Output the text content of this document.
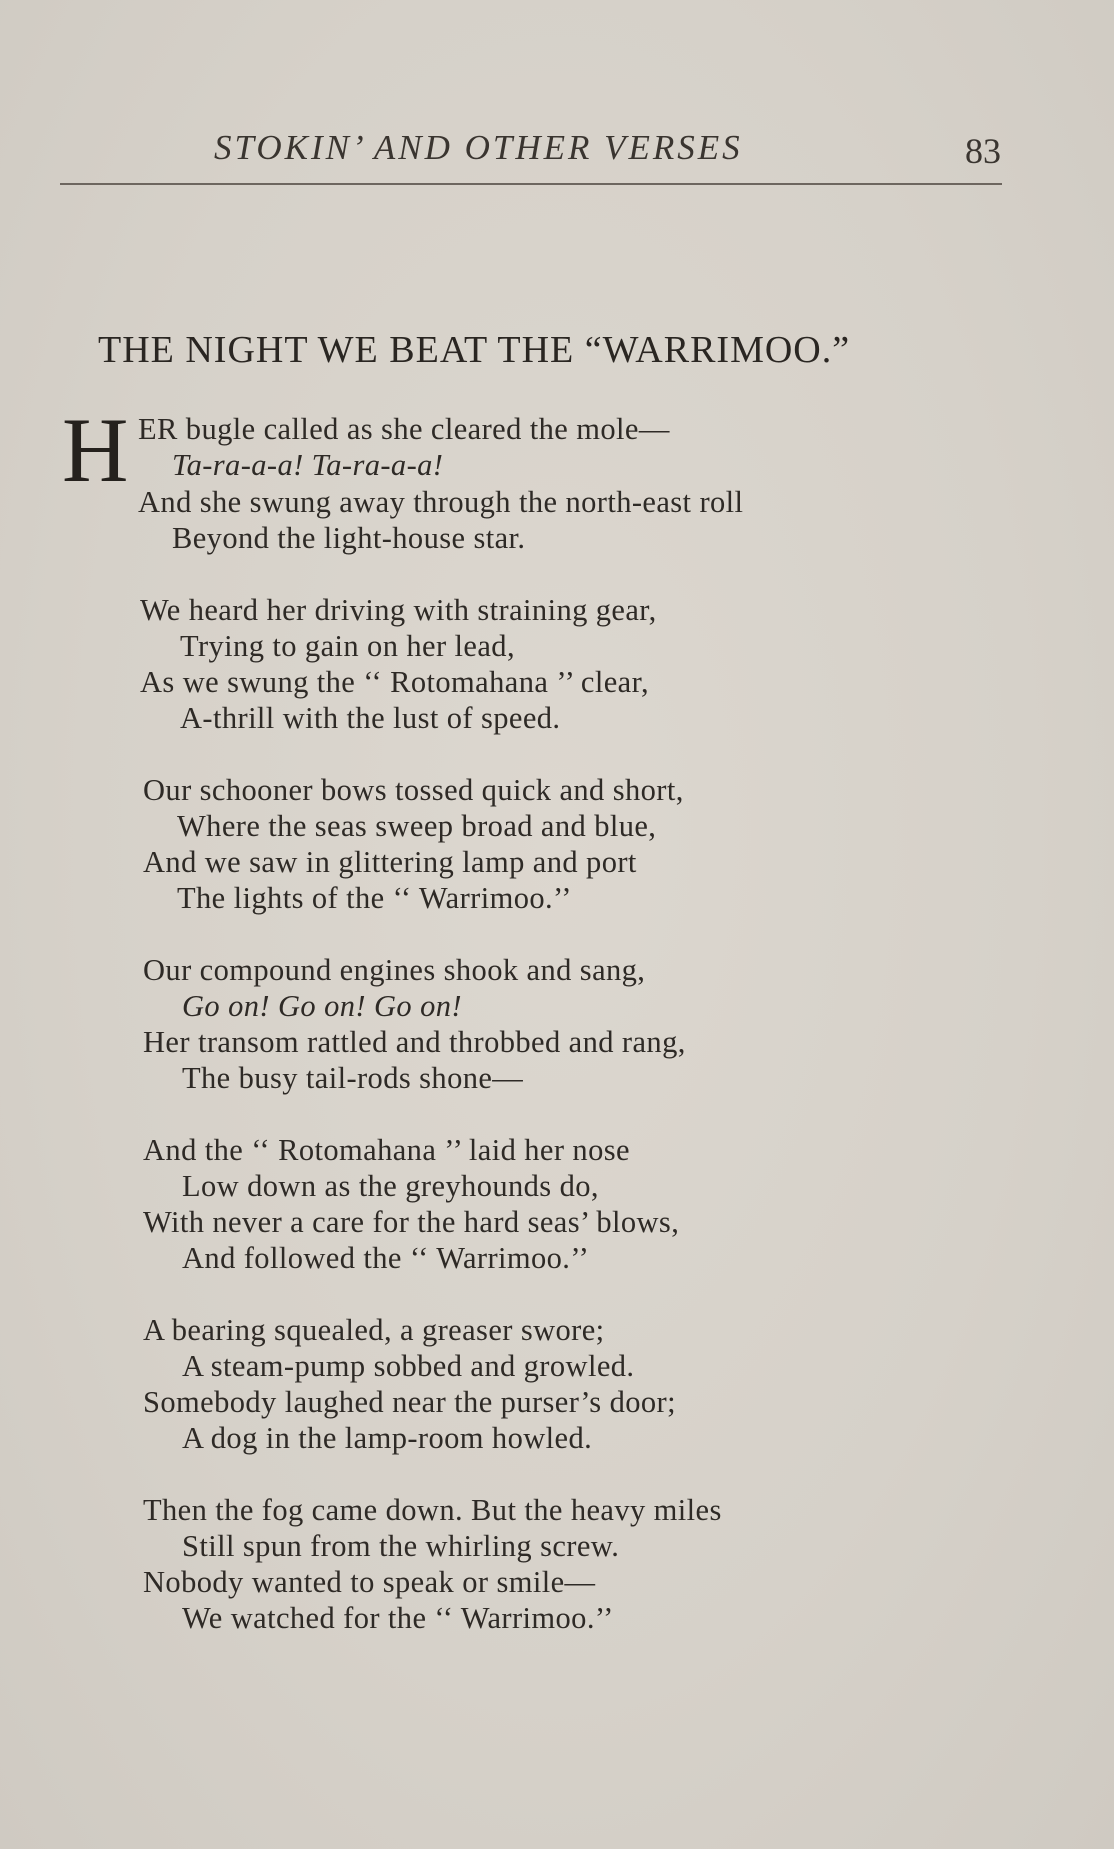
STOKIN’ AND OTHER VERSES	83
THE NIGHT WE BEAT THE “WARRIMOO.”
H ER bugle called as she cleared the mole—
Ta-ra-a-a! Ta-ra-a-a!
And she swung away through the north-east roll
Beyond the light-house star.
We heard her driving with straining gear,
Trying to gain on her lead,
As we swung the ‘‘ Rotomahana ’’ clear,
A-thrill with the lust of speed.
Our schooner bows tossed quick and short,
Where the seas sweep broad and blue,
And we saw in glittering lamp and port
The lights of the ‘‘ Warrimoo.’’
Our compound engines shook and sang,
Go on! Go on! Go on!
Her transom rattled and throbbed and rang,
The busy tail-rods shone—
And the ‘‘ Rotomahana ’’ laid her nose
Low down as the greyhounds do,
With never a care for the hard seas’ blows,
And followed the ‘‘ Warrimoo.’’
A bearing squealed, a greaser swore;
A steam-pump sobbed and growled.
Somebody laughed near the purser’s door;
A dog in the lamp-room howled.
Then the fog came down. But the heavy miles
Still spun from the whirling screw.
Nobody wanted to speak or smile—
We watched for the ‘‘ Warrimoo.’’
